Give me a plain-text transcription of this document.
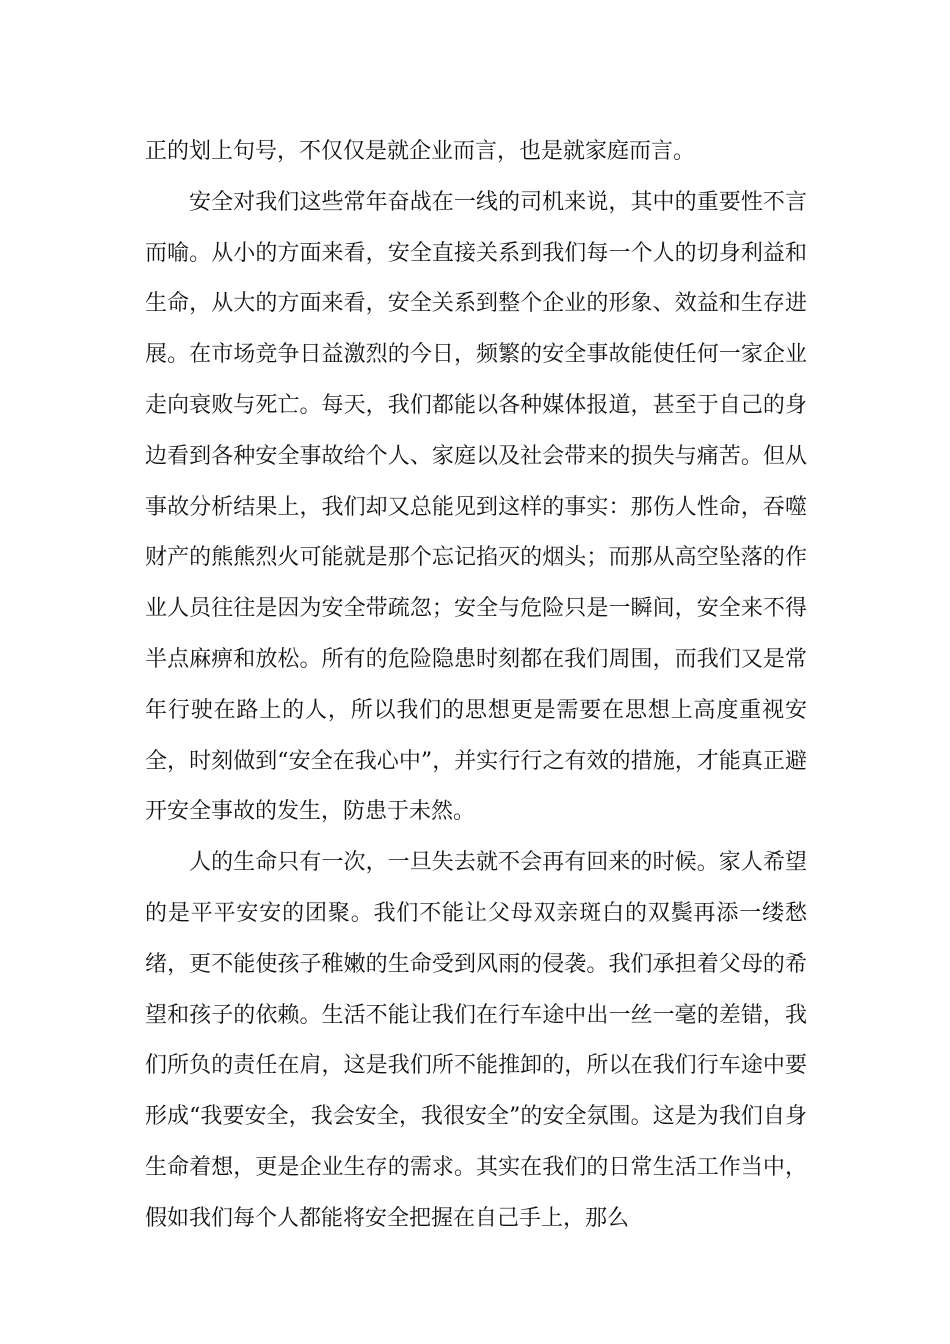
正的划上句号，不仅仅是就企业而言，也是就家庭而言。

安全对我们这些常年奋战在一线的司机来说，其中的重要性不言而喻。从小的方面来看，安全直接关系到我们每一个人的切身利益和生命，从大的方面来看，安全关系到整个企业的形象、效益和生存进展。在市场竞争日益激烈的今日，频繁的安全事故能使任何一家企业走向衰败与死亡。每天，我们都能以各种媒体报道，甚至于自己的身边看到各种安全事故给个人、家庭以及社会带来的损失与痛苦。但从事故分析结果上，我们却又总能见到这样的事实：那伤人性命，吞噬财产的熊熊烈火可能就是那个忘记掐灭的烟头；而那从高空坠落的作业人员往往是因为安全带疏忽；安全与危险只是一瞬间，安全来不得半点麻痹和放松。所有的危险隐患时刻都在我们周围，而我们又是常年行驶在路上的人，所以我们的思想更是需要在思想上高度重视安全，时刻做到“安全在我心中”，并实行行之有效的措施，才能真正避开安全事故的发生，防患于未然。

人的生命只有一次，一旦失去就不会再有回来的时候。家人希望的是平平安安的团聚。我们不能让父母双亲斑白的双鬓再添一缕愁绪，更不能使孩子稚嫩的生命受到风雨的侵袭。我们承担着父母的希望和孩子的依赖。生活不能让我们在行车途中出一丝一毫的差错，我们所负的责任在肩，这是我们所不能推卸的，所以在我们行车途中要形成“我要安全，我会安全，我很安全”的安全氛围。这是为我们自身生命着想，更是企业生存的需求。其实在我们的日常生活工作当中，假如我们每个人都能将安全把握在自己手上，那么
